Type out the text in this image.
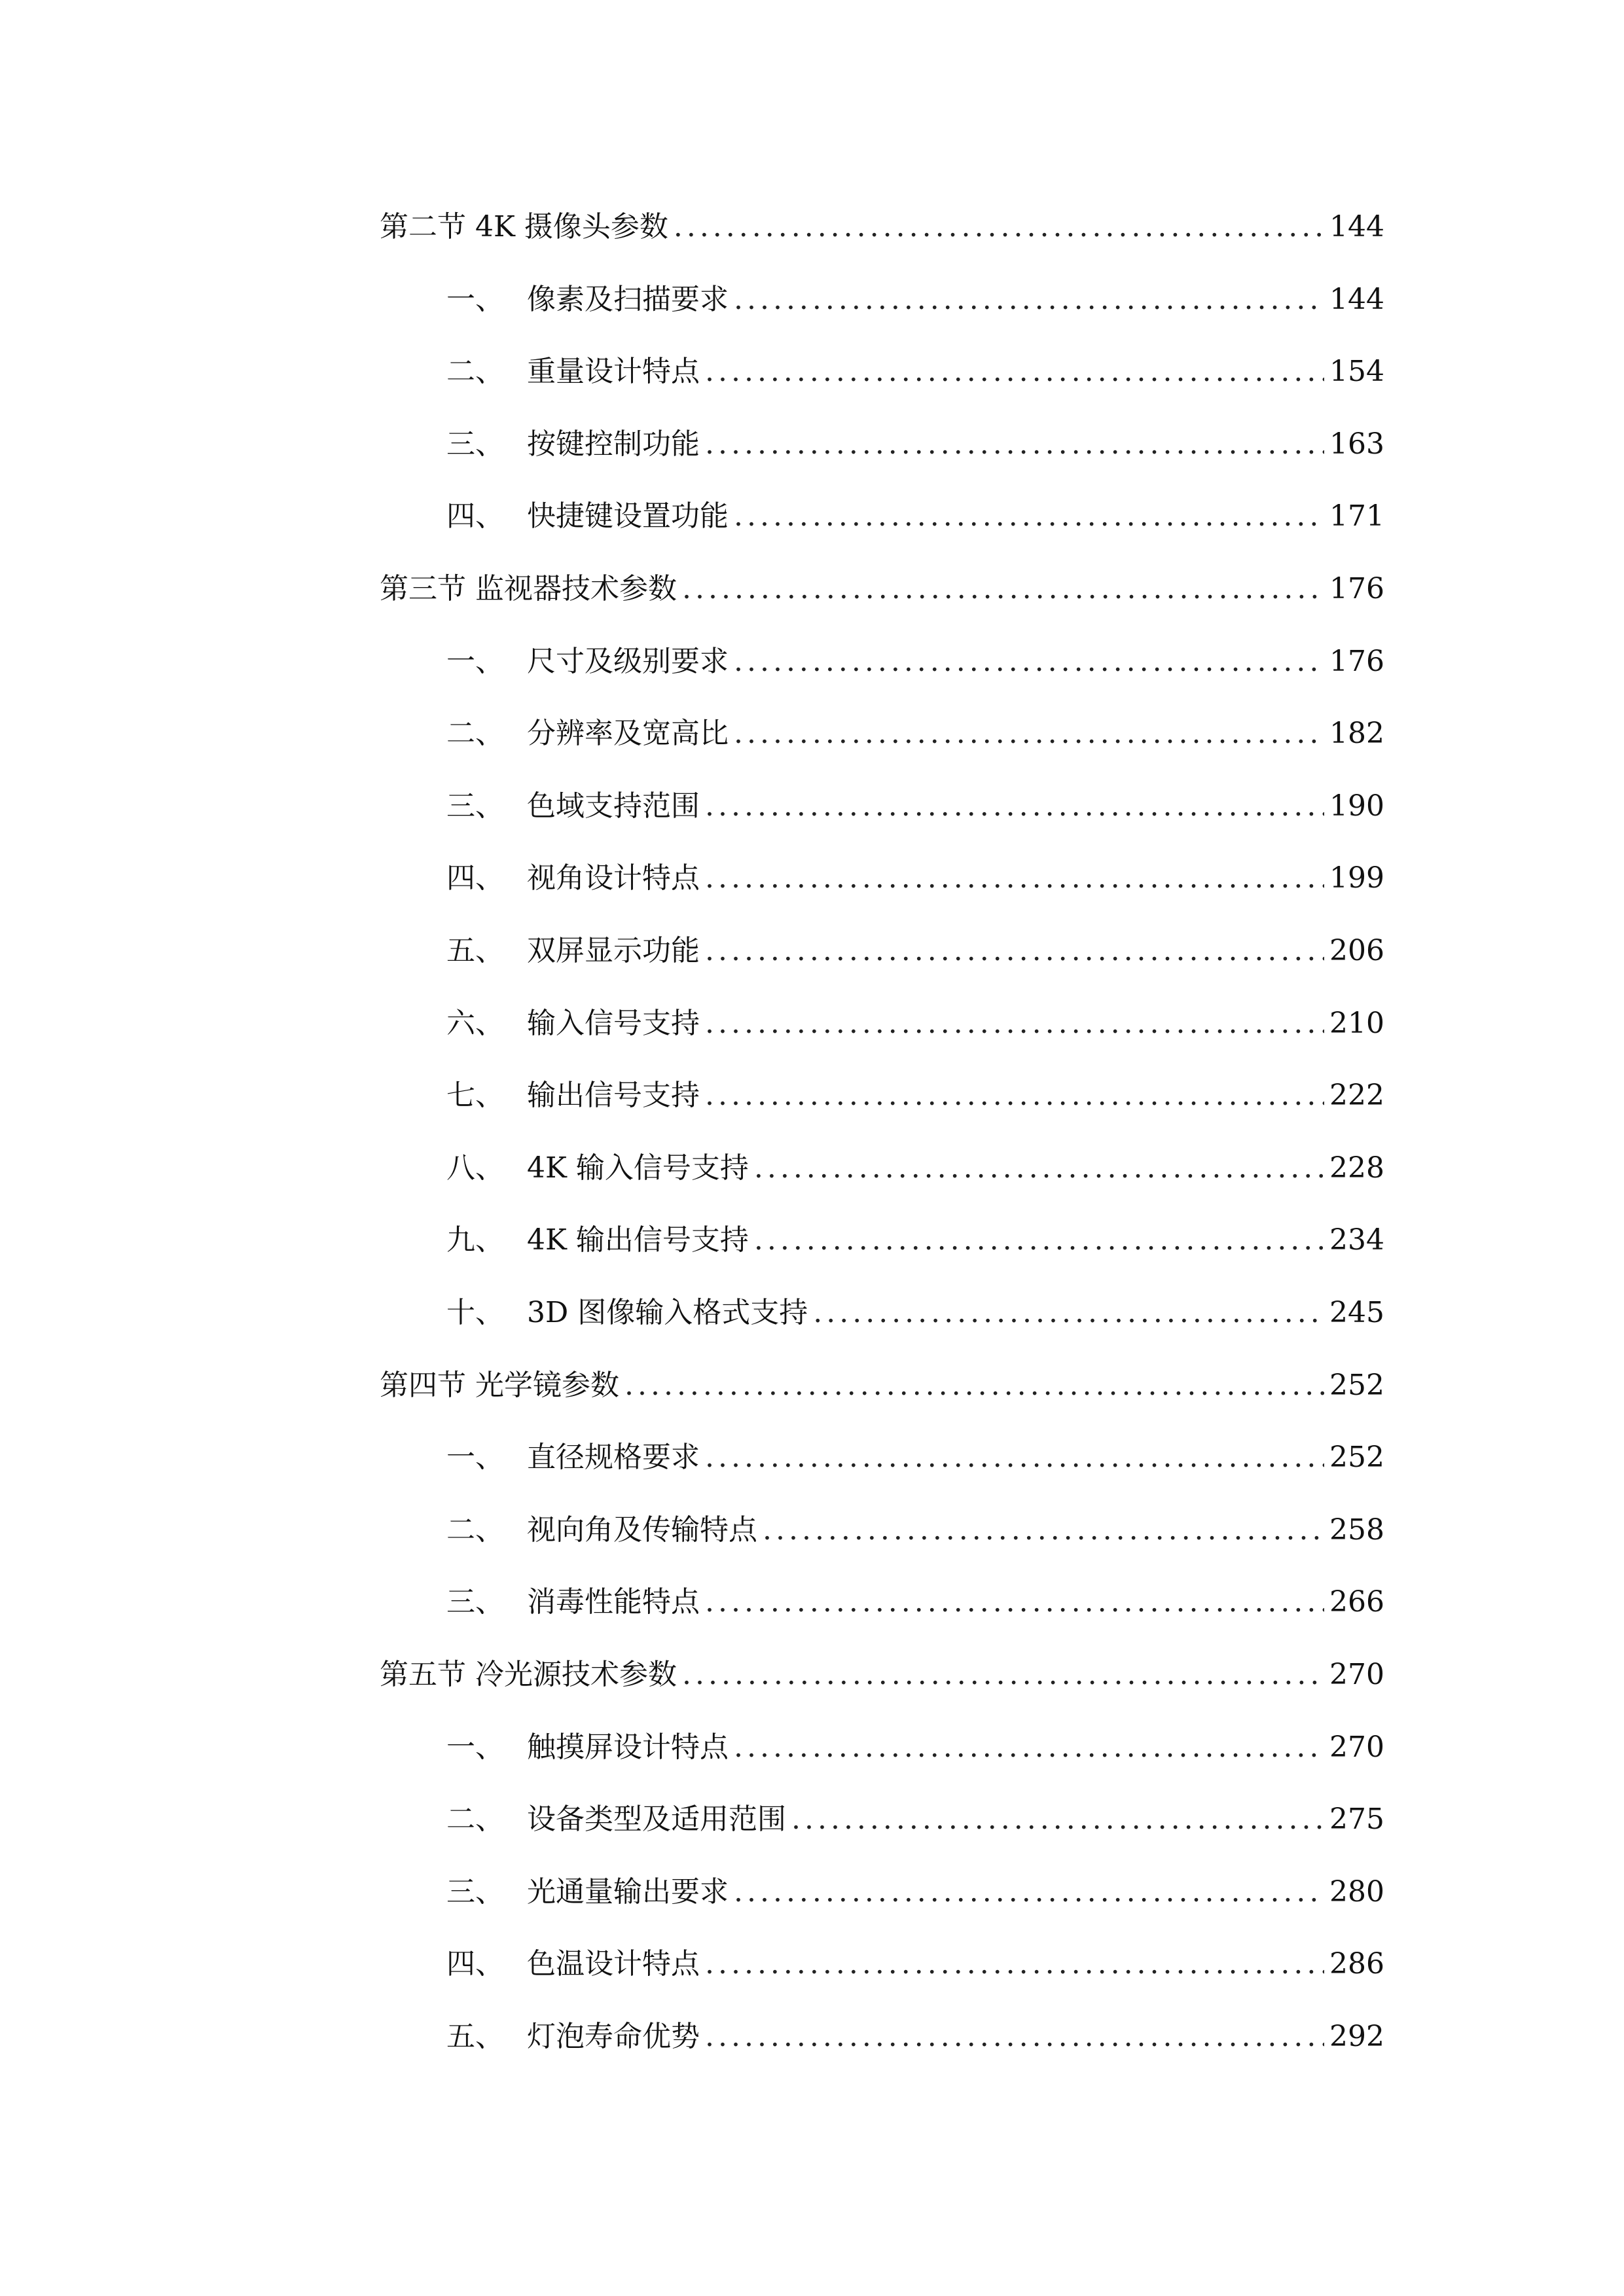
第二节 4K 摄像头参数 .....	144
一、 像素及扫描要求 .....	144
二、 重量设计特点 .....	154
三、 按键控制功能 .....	163
四、 快捷键设置功能 .....	171
第三节 监视器技术参数 .....	176
一、 尺寸及级别要求 .....	176
二、 分辨率及宽高比 .....	182
三、 色域支持范围 .....	190
四、 视角设计特点 .....	199
五、 双屏显示功能 .....	206
六、 输入信号支持 .....	210
七、 输出信号支持 .....	222
八、 4K 输入信号支持 .....	228
九、 4K 输出信号支持 .....	234
十、 3D 图像输入格式支持 .....	245
第四节 光学镜参数 .....	252
一、 直径规格要求 .....	252
二、 视向角及传输特点 .....	258
三、 消毒性能特点 .....	266
第五节 冷光源技术参数 .....	270
一、 触摸屏设计特点 .....	270
二、 设备类型及适用范围 .....	275
三、 光通量输出要求 .....	280
四、 色温设计特点 .....	286
五、 灯泡寿命优势 .....	292
